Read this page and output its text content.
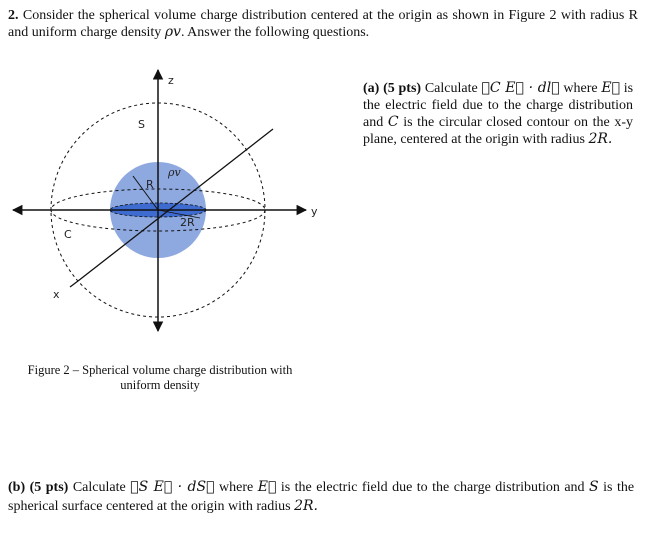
2. Consider the spherical volume charge distribution centered at the origin as shown in Figure 2 with radius R and uniform charge density ρv. Answer the following questions.
z
y
x
S
C
R
2R
ρv
Figure 2 – Spherical volume charge distribution with uniform density
(a) (5 pts) Calculate ∮C E⃗ · dl⃗ where E⃗ is the electric field due to the charge distribution and C is the circular closed contour on the x-y plane, centered at the origin with radius 2R.
(b) (5 pts) Calculate ∯S E⃗ · dS⃗ where E⃗ is the electric field due to the charge distribution and S is the spherical surface centered at the origin with radius 2R.
